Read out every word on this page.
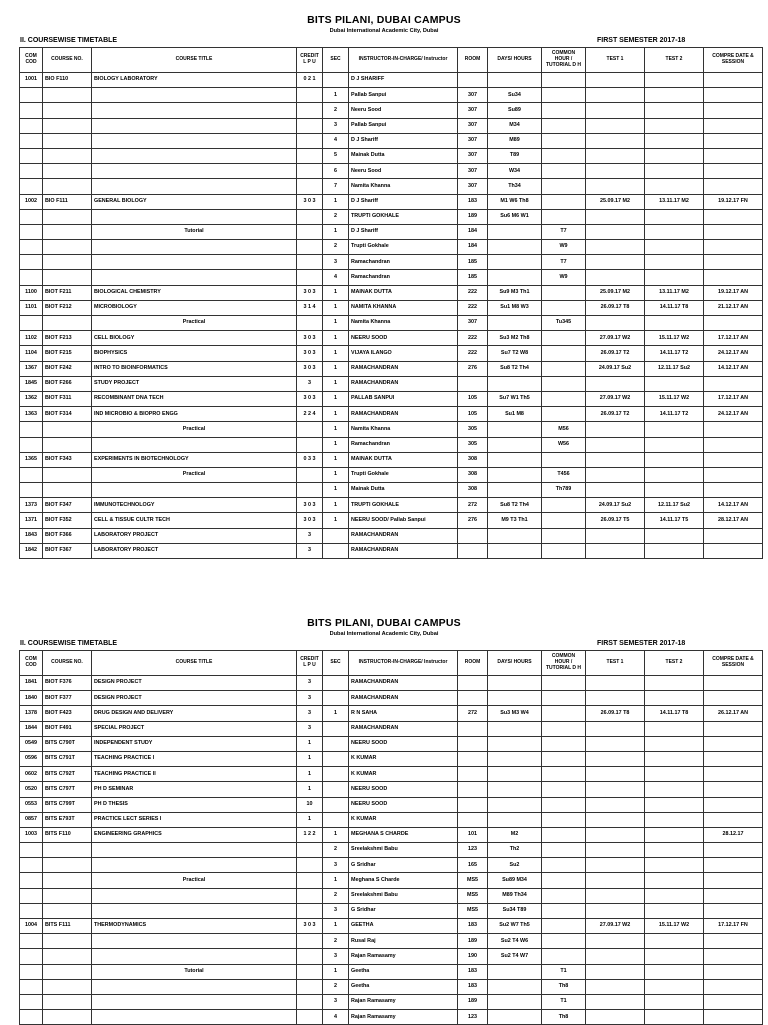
BITS PILANI, DUBAI CAMPUS
Dubai International Academic City, Dubai
II. COURSEWISE TIMETABLE	FIRST SEMESTER 2017-18
COM COD	COURSE NO.	COURSE TITLE	CREDIT L P U	SEC	INSTRUCTOR-IN-CHARGE/ Instructor	ROOM	DAYS/ HOURS	COMMON HOUR / TUTORIAL D H	TEST 1	TEST 2	COMPRE DATE & SESSION
1001	BIO F110	BIOLOGY LABORATORY	0 2 1		D J SHARIFF						
				1	Pallab Sanpui	307	Su34				
				2	Neeru Sood	307	Su89				
				3	Pallab Sanpui	307	M34				
				4	D J Shariff	307	M89				
				5	Mainak Dutta	307	T89				
				6	Neeru Sood	307	W34				
				7	Namita Khanna	307	Th34				
1002	BIO F111	GENERAL BIOLOGY	3 0 3	1	D J Shariff	183	M1 W6 Th8		25.09.17 M2	13.11.17 M2	19.12.17 FN
				2	TRUPTI GOKHALE	189	Su6 M6 W1				
		Tutorial		1	D J Shariff	184		T7			
				2	Trupti Gokhale	184		W9			
				3	Ramachandran	185		T7			
				4	Ramachandran	185		W9			
1100	BIOT F211	BIOLOGICAL CHEMISTRY	3 0 3	1	MAINAK DUTTA	222	Su9 M3 Th1		25.09.17 M2	13.11.17 M2	19.12.17 AN
1101	BIOT F212	MICROBIOLOGY	3 1 4	1	NAMITA KHANNA	222	Su1 M8 W3		26.09.17 T8	14.11.17 T8	21.12.17 AN
		Practical		1	Namita Khanna	307		Tu345			
1102	BIOT F213	CELL BIOLOGY	3 0 3	1	NEERU SOOD	222	Su3 M2 Th8		27.09.17 W2	15.11.17 W2	17.12.17 AN
1104	BIOT F215	BIOPHYSICS	3 0 3	1	VIJAYA ILANGO	222	Su7 T2 W8		26.09.17 T2	14.11.17 T2	24.12.17 AN
1367	BIOT F242	INTRO TO BIOINFORMATICS	3 0 3	1	RAMACHANDRAN	276	Su8 T2 Th4		24.09.17 Su2	12.11.17 Su2	14.12.17 AN
1845	BIOT F266	STUDY PROJECT	3	1	RAMACHANDRAN						
1362	BIOT F311	RECOMBINANT DNA TECH	3 0 3	1	PALLAB SANPUI	105	Su7 W1 Th5		27.09.17 W2	15.11.17 W2	17.12.17 AN
1363	BIOT F314	IND MICROBIO & BIOPRO ENGG	2 2 4	1	RAMACHANDRAN	105	Su1 M8		26.09.17 T2	14.11.17 T2	24.12.17 AN
		Practical		1	Namita Khanna	305		M56			
				1	Ramachandran	305		W56			
1365	BIOT F343	EXPERIMENTS IN BIOTECHNOLOGY	0 3 3	1	MAINAK DUTTA	308					
		Practical		1	Trupti Gokhale	308		T456			
				1	Mainak Dutta	308		Th789			
1373	BIOT F347	IMMUNOTECHNOLOGY	3 0 3	1	TRUPTI GOKHALE	272	Su8 T2 Th4		24.09.17 Su2	12.11.17 Su2	14.12.17 AN
1371	BIOT F352	CELL & TISSUE CULTR TECH	3 0 3	1	NEERU SOOD/ Pallab Sanpui	276	M9 T3 Th1		26.09.17 T5	14.11.17 T5	28.12.17 AN
1843	BIOT F366	LABORATORY PROJECT	3		RAMACHANDRAN						
1842	BIOT F367	LABORATORY PROJECT	3		RAMACHANDRAN						
BITS PILANI, DUBAI CAMPUS
Dubai International Academic City, Dubai
II. COURSEWISE TIMETABLE	FIRST SEMESTER 2017-18
COM COD	COURSE NO.	COURSE TITLE	CREDIT L P U	SEC	INSTRUCTOR-IN-CHARGE/ Instructor	ROOM	DAYS/ HOURS	COMMON HOUR / TUTORIAL D H	TEST 1	TEST 2	COMPRE DATE & SESSION
1841	BIOT F376	DESIGN PROJECT	3		RAMACHANDRAN						
1840	BIOT F377	DESIGN PROJECT	3		RAMACHANDRAN						
1378	BIOT F423	DRUG DESIGN AND DELIVERY	3	1	R N SAHA	272	Su3 M3 W4		26.09.17 T8	14.11.17 T8	26.12.17 AN
1844	BIOT F491	SPECIAL PROJECT	3		RAMACHANDRAN						
0549	BITS C790T	INDEPENDENT STUDY	1		NEERU SOOD						
0596	BITS C791T	TEACHING PRACTICE I	1		K KUMAR						
0602	BITS C792T	TEACHING PRACTICE II	1		K KUMAR						
0520	BITS C797T	PH D SEMINAR	1		NEERU SOOD						
0553	BITS C799T	PH D THESIS	10		NEERU SOOD						
0857	BITS E793T	PRACTICE LECT SERIES I	1		K KUMAR						
1003	BITS F110	ENGINEERING GRAPHICS	1 2 2	1	MEGHANA S CHARDE	101	M2				28.12.17
				2	Sreelakshmi Babu	123	Th2				
				3	G Sridhar	165	Su2				
		Practical		1	Meghana S Charde	MS5	Su89 M34				
				2	Sreelakshmi Babu	MS5	M89 Th34				
				3	G Sridhar	MS5	Su34 T89				
1004	BITS F111	THERMODYNAMICS	3 0 3	1	GEETHA	183	Su2 W7 Th5		27.09.17 W2	15.11.17 W2	17.12.17 FN
				2	Rusal Raj	189	Su2 T4 W6				
				3	Rajan Ramasamy	190	Su2 T4 W7				
		Tutorial		1	Geetha	183		T1			
				2	Geetha	183		Th8			
				3	Rajan Ramasamy	189		T1			
				4	Rajan Ramasamy	123		Th8			
